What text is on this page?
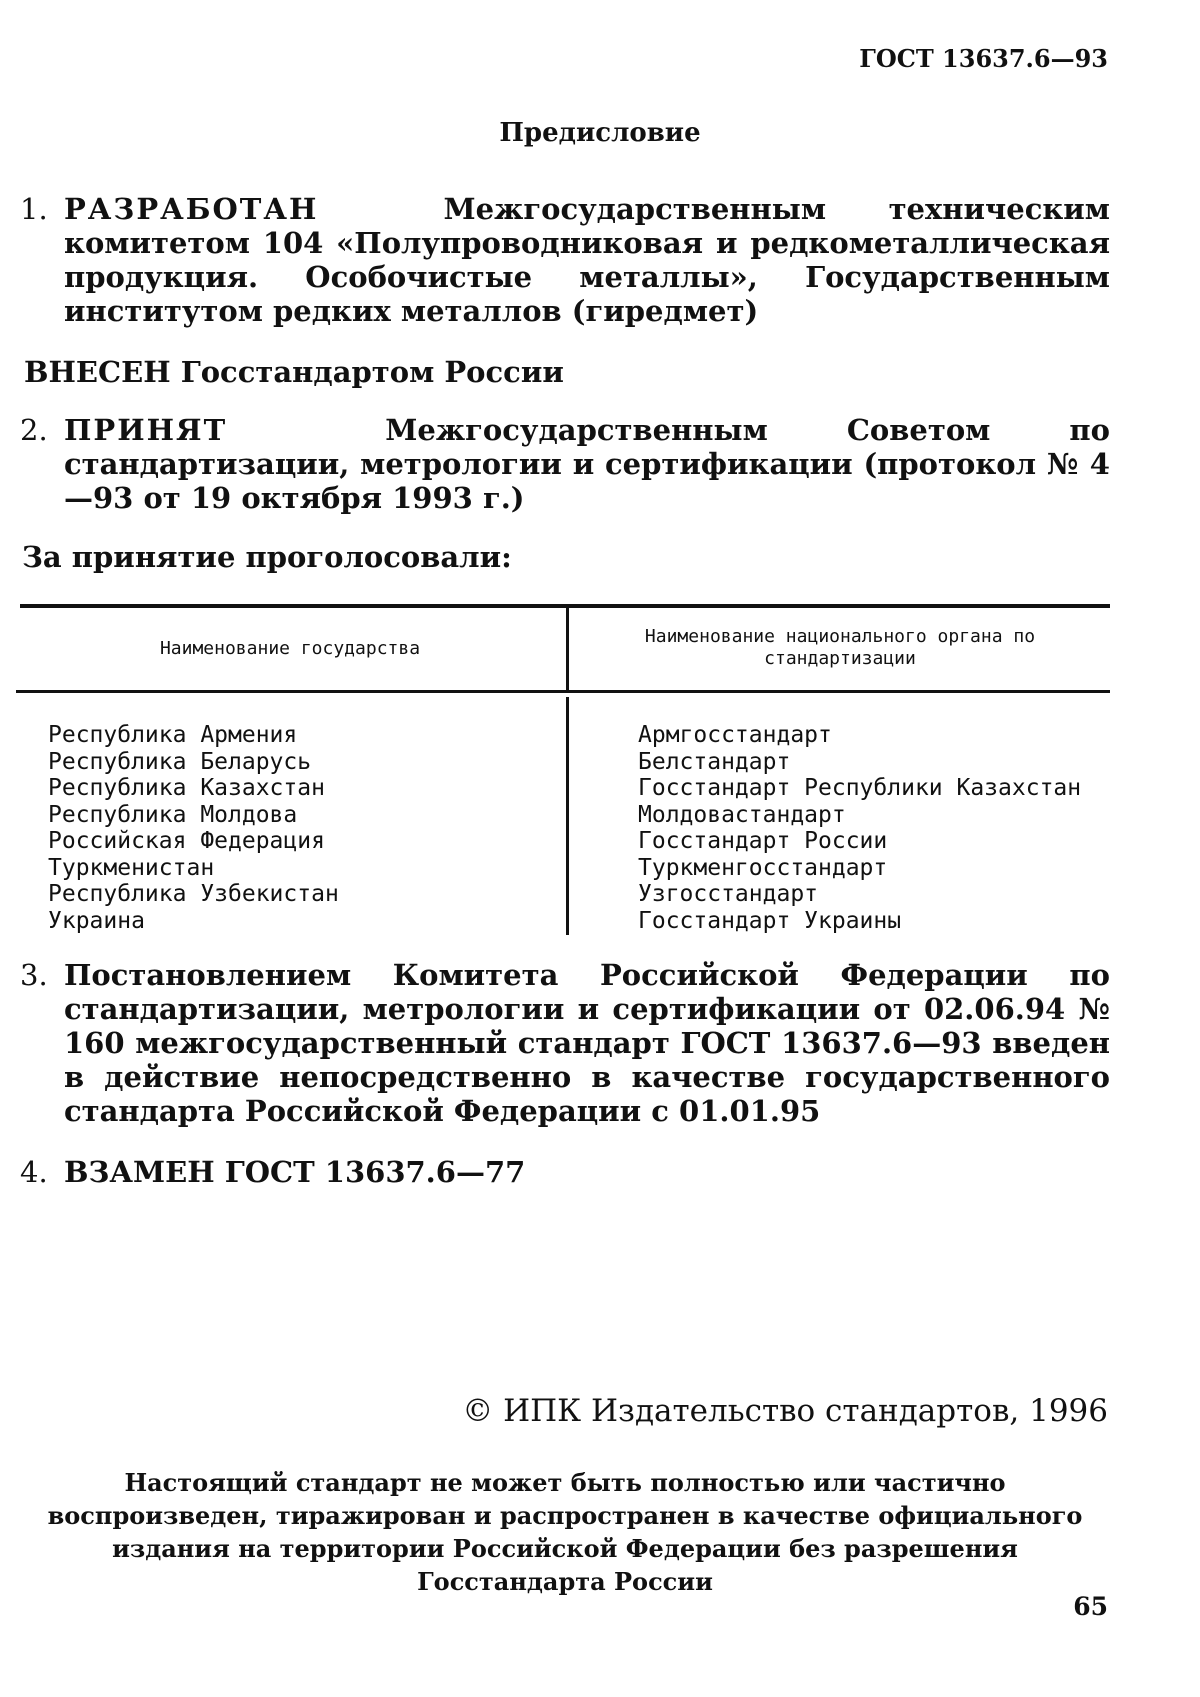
ГОСТ 13637.6—93
Предисловие
1. РАЗРАБОТАН	Межгосударственным техническим комитетом 104 «Полупроводниковая и редкометаллическая продукция. Особочистые металлы», Государственным институтом редких металлов (гиредмет)
ВНЕСЕН Госстандартом России
2. ПРИНЯТ	Межгосударственным Советом по стандартизации, метрологии и сертификации (протокол № 4—93 от 19 октября 1993 г.)
За принятие проголосовали:
Наименование государства
Наименование национального органа по стандартизации
Республика Армения
Республика Беларусь
Республика Казахстан
Республика Молдова
Российская Федерация
Туркменистан
Республика Узбекистан
Украина
Армгосстандарт
Белстандарт
Госстандарт Республики Казахстан
Молдовастандарт
Госстандарт России
Туркменгосстандарт
Узгосстандарт
Госстандарт Украины
3. Постановлением Комитета Российской Федерации по стандартизации, метрологии и сертификации от 02.06.94 № 160 межгосударственный стандарт ГОСТ 13637.6—93 введен в действие непосредственно в качестве государственного стандарта Российской Федерации с 01.01.95
4. ВЗАМЕН ГОСТ 13637.6—77
© ИПК Издательство стандартов, 1996
Настоящий стандарт не может быть полностью или частично воспроизведен, тиражирован и распространен в качестве официального издания на территории Российской Федерации без разрешения Госстандарта России
65
